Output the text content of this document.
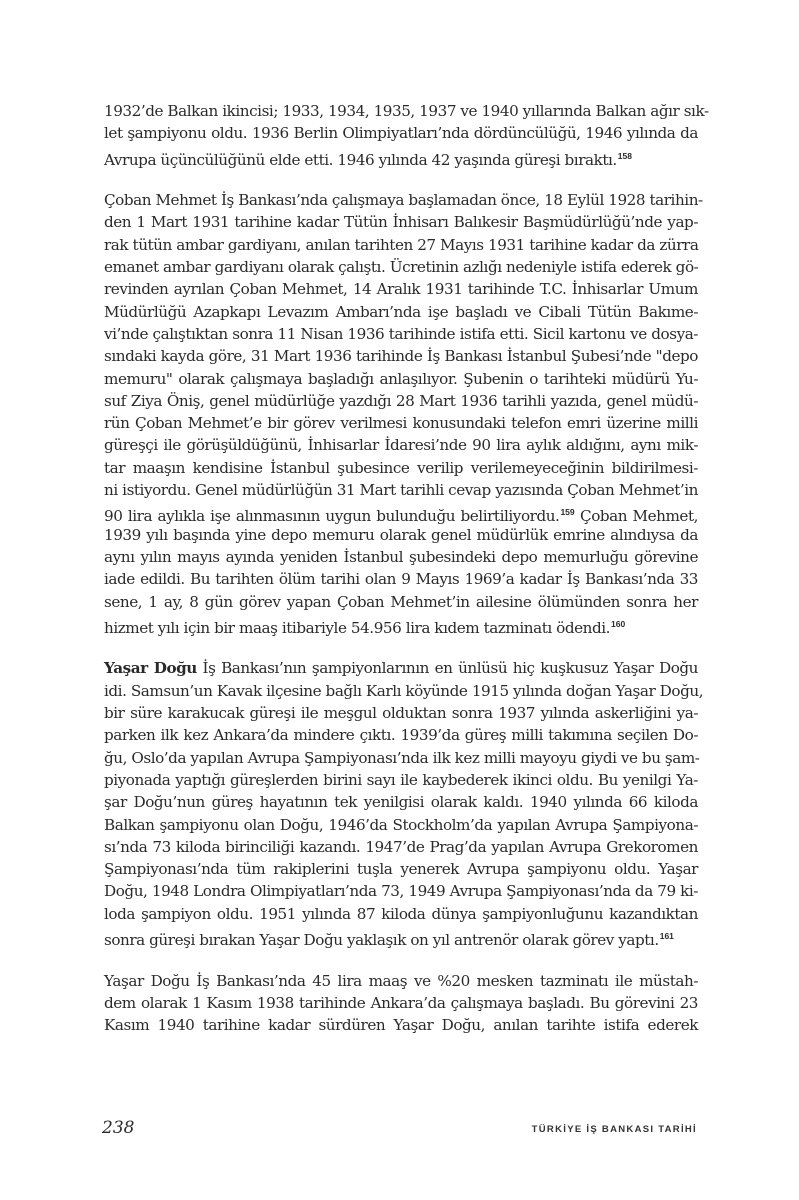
1932’de Balkan ikincisi; 1933, 1934, 1935, 1937 ve 1940 yıllarında Balkan ağır sık-
let şampiyonu oldu. 1936 Berlin Olimpiyatları’nda dördüncülüğü, 1946 yılında da
Avrupa üçüncülüğünü elde etti. 1946 yılında 42 yaşında güreşi bıraktı.$^{158}$

Çoban Mehmet İş Bankası’nda çalışmaya başlamadan önce, 18 Eylül 1928 tarihin-
den 1 Mart 1931 tarihine kadar Tütün İnhisarı Balıkesir Başmüdürlüğü’nde yap-
rak tütün ambar gardiyanı, anılan tarihten 27 Mayıs 1931 tarihine kadar da zürra
emanet ambar gardiyanı olarak çalıştı. Ücretinin azlığı nedeniyle istifa ederek gö-
revinden ayrılan Çoban Mehmet, 14 Aralık 1931 tarihinde T.C. İnhisarlar Umum
Müdürlüğü Azapkapı Levazım Ambarı’nda işe başladı ve Cibali Tütün Bakıme-
vi’nde çalıştıktan sonra 11 Nisan 1936 tarihinde istifa etti. Sicil kartonu ve dosya-
sındaki kayda göre, 31 Mart 1936 tarihinde İş Bankası İstanbul Şubesi’nde "depo
memuru" olarak çalışmaya başladığı anlaşılıyor. Şubenin o tarihteki müdürü Yu-
suf Ziya Öniş, genel müdürlüğe yazdığı 28 Mart 1936 tarihli yazıda, genel müdü-
rün Çoban Mehmet’e bir görev verilmesi konusundaki telefon emri üzerine milli
güreşçi ile görüşüldüğünü, İnhisarlar İdaresi’nde 90 lira aylık aldığını, aynı mik-
tar maaşın kendisine İstanbul şubesince verilip verilemeyeceğinin bildirilmesi-
ni istiyordu. Genel müdürlüğün 31 Mart tarihli cevap yazısında Çoban Mehmet’in
90 lira aylıkla işe alınmasının uygun bulunduğu belirtiliyordu.$^{159}$ Çoban Mehmet,
1939 yılı başında yine depo memuru olarak genel müdürlük emrine alındıysa da
aynı yılın mayıs ayında yeniden İstanbul şubesindeki depo memurluğu görevine
iade edildi. Bu tarihten ölüm tarihi olan 9 Mayıs 1969’a kadar İş Bankası’nda 33
sene, 1 ay, 8 gün görev yapan Çoban Mehmet’in ailesine ölümünden sonra her
hizmet yılı için bir maaş itibariyle 54.956 lira kıdem tazminatı ödendi.$^{160}$

Yaşar Doğu İş Bankası’nın şampiyonlarının en ünlüsü hiç kuşkusuz Yaşar Doğu
idi. Samsun’un Kavak ilçesine bağlı Karlı köyünde 1915 yılında doğan Yaşar Doğu,
bir süre karakucak güreşi ile meşgul olduktan sonra 1937 yılında askerliğini ya-
parken ilk kez Ankara’da mindere çıktı. 1939’da güreş milli takımına seçilen Do-
ğu, Oslo’da yapılan Avrupa Şampiyonası’nda ilk kez milli mayoyu giydi ve bu şam-
piyonada yaptığı güreşlerden birini sayı ile kaybederek ikinci oldu. Bu yenilgi Ya-
şar Doğu’nun güreş hayatının tek yenilgisi olarak kaldı. 1940 yılında 66 kiloda
Balkan şampiyonu olan Doğu, 1946’da Stockholm’da yapılan Avrupa Şampiyona-
sı’nda 73 kiloda birinciliği kazandı. 1947’de Prag’da yapılan Avrupa Grekoromen
Şampiyonası’nda tüm rakiplerini tuşla yenerek Avrupa şampiyonu oldu. Yaşar
Doğu, 1948 Londra Olimpiyatları’nda 73, 1949 Avrupa Şampiyonası’nda da 79 ki-
loda şampiyon oldu. 1951 yılında 87 kiloda dünya şampiyonluğunu kazandıktan
sonra güreşi bırakan Yaşar Doğu yaklaşık on yıl antrenör olarak görev yaptı.$^{161}$

Yaşar Doğu İş Bankası’nda 45 lira maaş ve %20 mesken tazminatı ile müstah-
dem olarak 1 Kasım 1938 tarihinde Ankara’da çalışmaya başladı. Bu görevini 23
Kasım 1940 tarihine kadar sürdüren Yaşar Doğu, anılan tarihte istifa ederek

238	TÜRKİYE İŞ BANKASI TARİHİ
